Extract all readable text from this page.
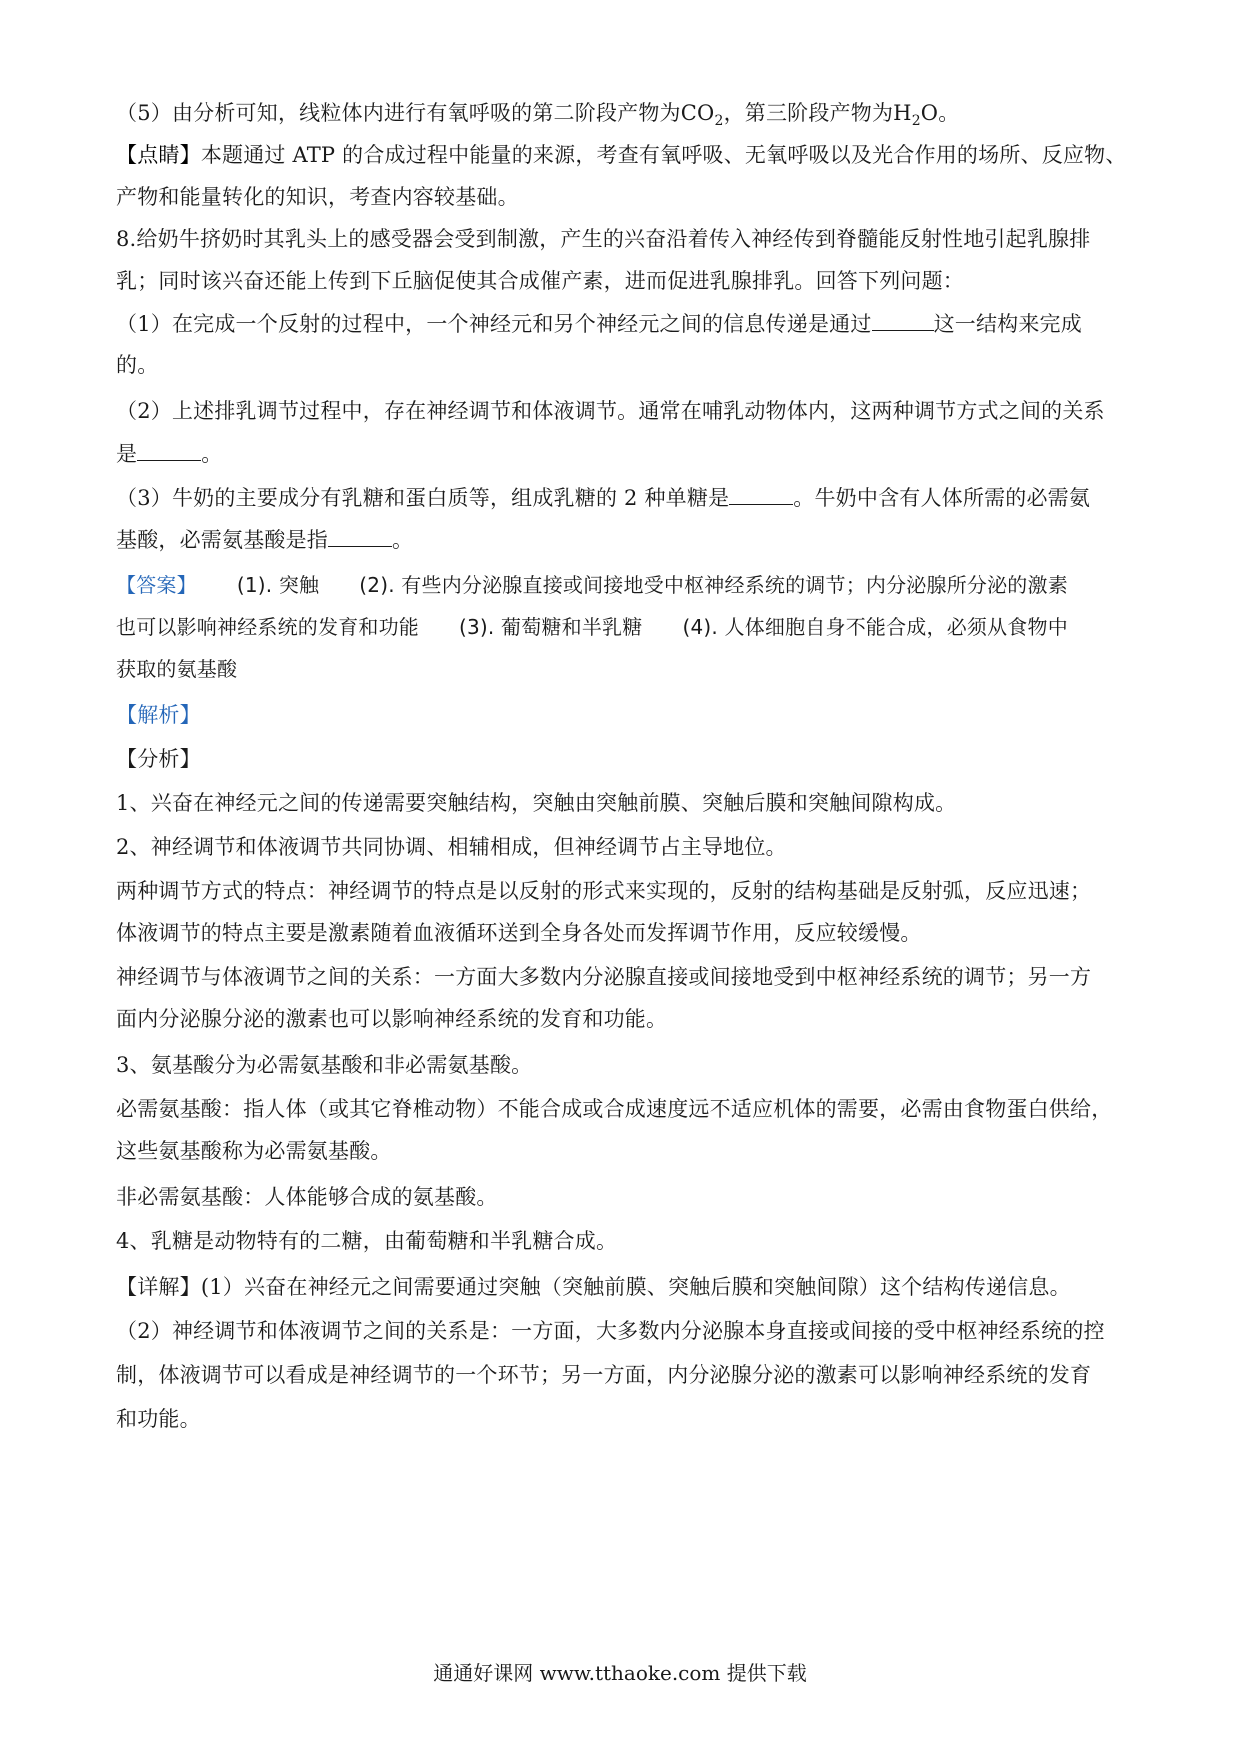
（5）由分析可知，线粒体内进行有氧呼吸的第二阶段产物为$CO_2$，第三阶段产物为$H_2O$。
【点睛】本题通过 ATP 的合成过程中能量的来源，考查有氧呼吸、无氧呼吸以及光合作用的场所、反应物、
产物和能量转化的知识，考查内容较基础。
8.给奶牛挤奶时其乳头上的感受器会受到制激，产生的兴奋沿着传入神经传到脊髓能反射性地引起乳腺排
乳；同时该兴奋还能上传到下丘脑促使其合成催产素，进而促进乳腺排乳。回答下列问题：
（1）在完成一个反射的过程中，一个神经元和另个神经元之间的信息传递是通过	这一结构来完成
的。
（2）上述排乳调节过程中，存在神经调节和体液调节。通常在哺乳动物体内，这两种调节方式之间的关系
是	。
（3）牛奶的主要成分有乳糖和蛋白质等，组成乳糖的 2 种单糖是	。牛奶中含有人体所需的必需氨
基酸，必需氨基酸是指	。
【答案】 (1). 突触 (2). 有些内分泌腺直接或间接地受中枢神经系统的调节；内分泌腺所分泌的激素
也可以影响神经系统的发育和功能 (3). 葡萄糖和半乳糖 (4). 人体细胞自身不能合成，必须从食物中
获取的氨基酸
【解析】
【分析】
1、兴奋在神经元之间的传递需要突触结构，突触由突触前膜、突触后膜和突触间隙构成。
2、神经调节和体液调节共同协调、相辅相成，但神经调节占主导地位。
两种调节方式的特点：神经调节的特点是以反射的形式来实现的，反射的结构基础是反射弧，反应迅速；
体液调节的特点主要是激素随着血液循环送到全身各处而发挥调节作用，反应较缓慢。
神经调节与体液调节之间的关系：一方面大多数内分泌腺直接或间接地受到中枢神经系统的调节；另一方
面内分泌腺分泌的激素也可以影响神经系统的发育和功能。
3、氨基酸分为必需氨基酸和非必需氨基酸。
必需氨基酸：指人体（或其它脊椎动物）不能合成或合成速度远不适应机体的需要，必需由食物蛋白供给，
这些氨基酸称为必需氨基酸。
非必需氨基酸：人体能够合成的氨基酸。
4、乳糖是动物特有的二糖，由葡萄糖和半乳糖合成。
【详解】(1）兴奋在神经元之间需要通过突触（突触前膜、突触后膜和突触间隙）这个结构传递信息。
（2）神经调节和体液调节之间的关系是：一方面，大多数内分泌腺本身直接或间接的受中枢神经系统的控
制，体液调节可以看成是神经调节的一个环节；另一方面，内分泌腺分泌的激素可以影响神经系统的发育
和功能。
通通好课网 www.tthaoke.com 提供下载
